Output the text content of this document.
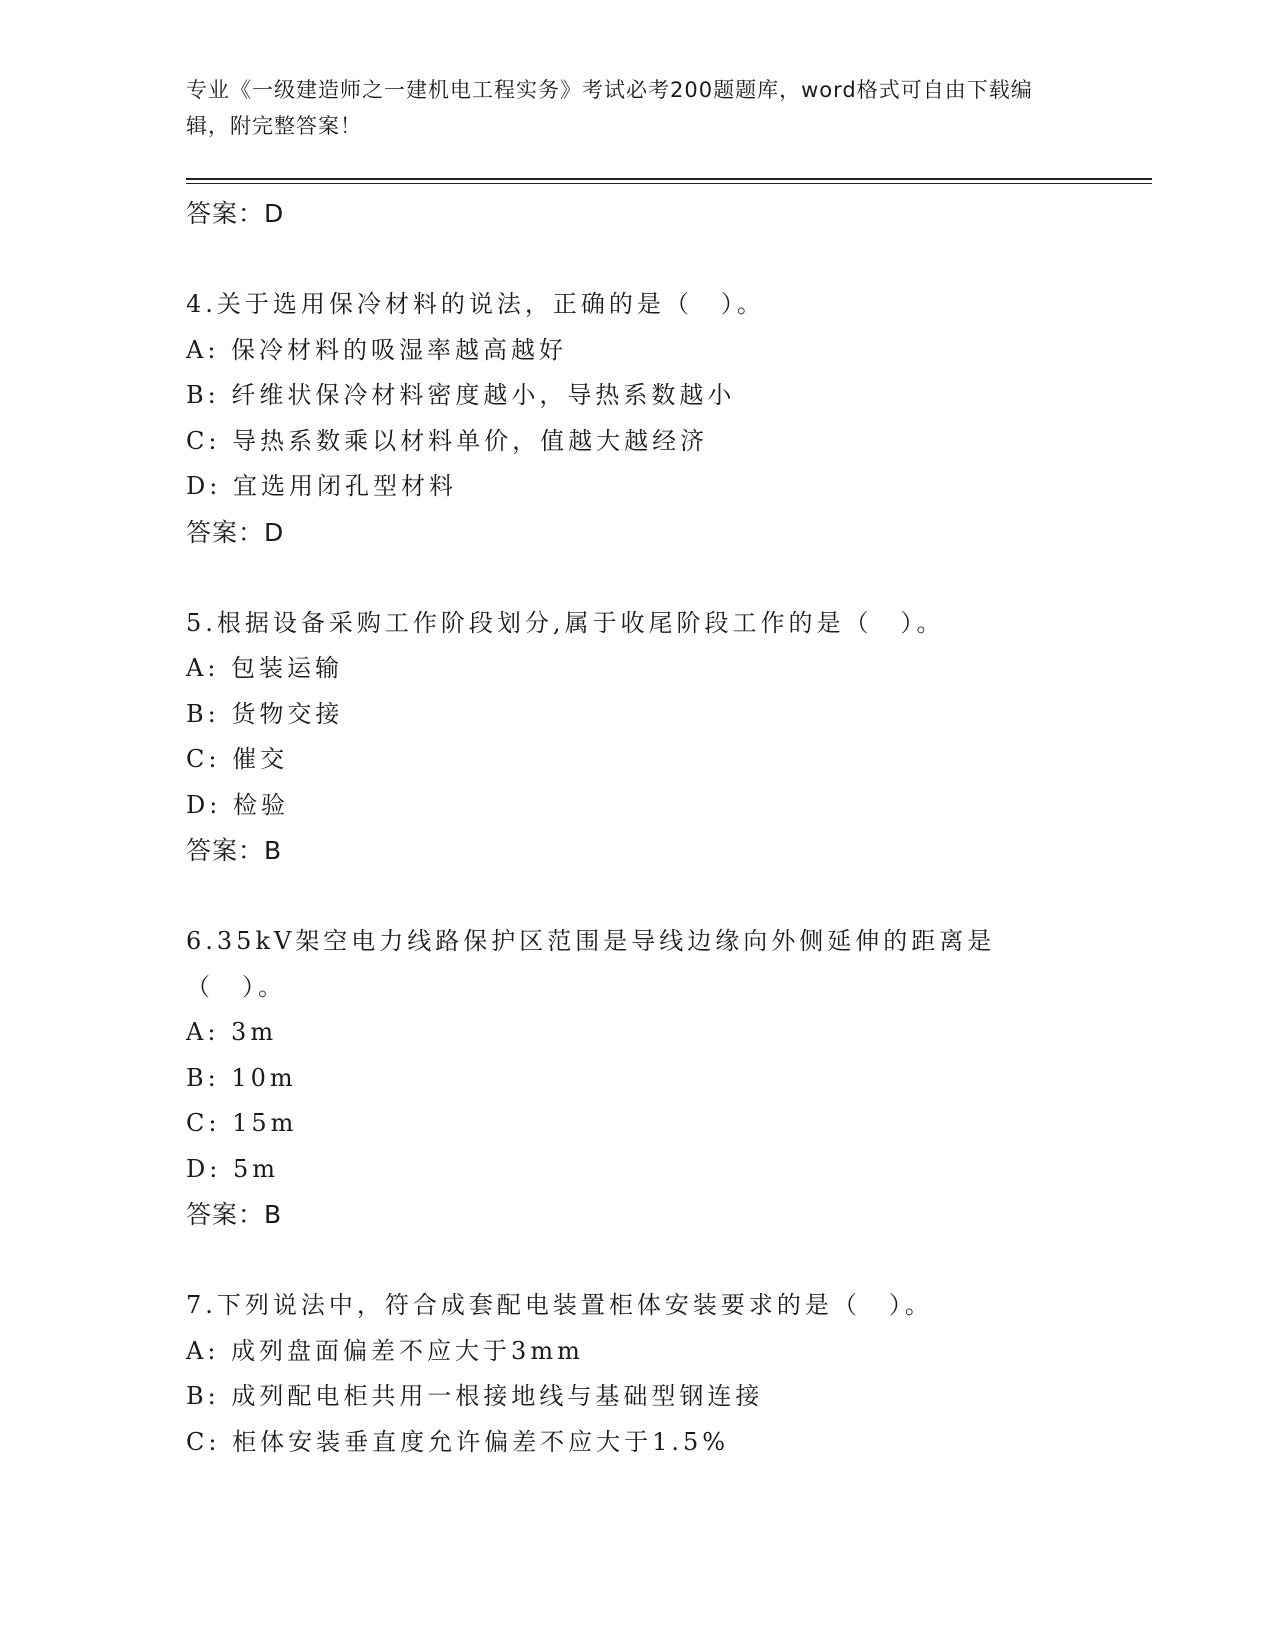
专业《一级建造师之一建机电工程实务》考试必考200题题库，word格式可自由下载编辑，附完整答案！
答案：D
4.关于选用保冷材料的说法，正确的是（　）。
A: 保冷材料的吸湿率越高越好
B: 纤维状保冷材料密度越小，导热系数越小
C: 导热系数乘以材料单价，值越大越经济
D: 宜选用闭孔型材料
答案：D
5.根据设备采购工作阶段划分,属于收尾阶段工作的是（　）。
A: 包装运输
B: 货物交接
C: 催交
D: 检验
答案：B
6.35kV架空电力线路保护区范围是导线边缘向外侧延伸的距离是（　）。
A: 3m
B: 10m
C: 15m
D: 5m
答案：B
7.下列说法中，符合成套配电装置柜体安装要求的是（　）。
A: 成列盘面偏差不应大于3mm
B: 成列配电柜共用一根接地线与基础型钢连接
C: 柜体安装垂直度允许偏差不应大于1.5%
